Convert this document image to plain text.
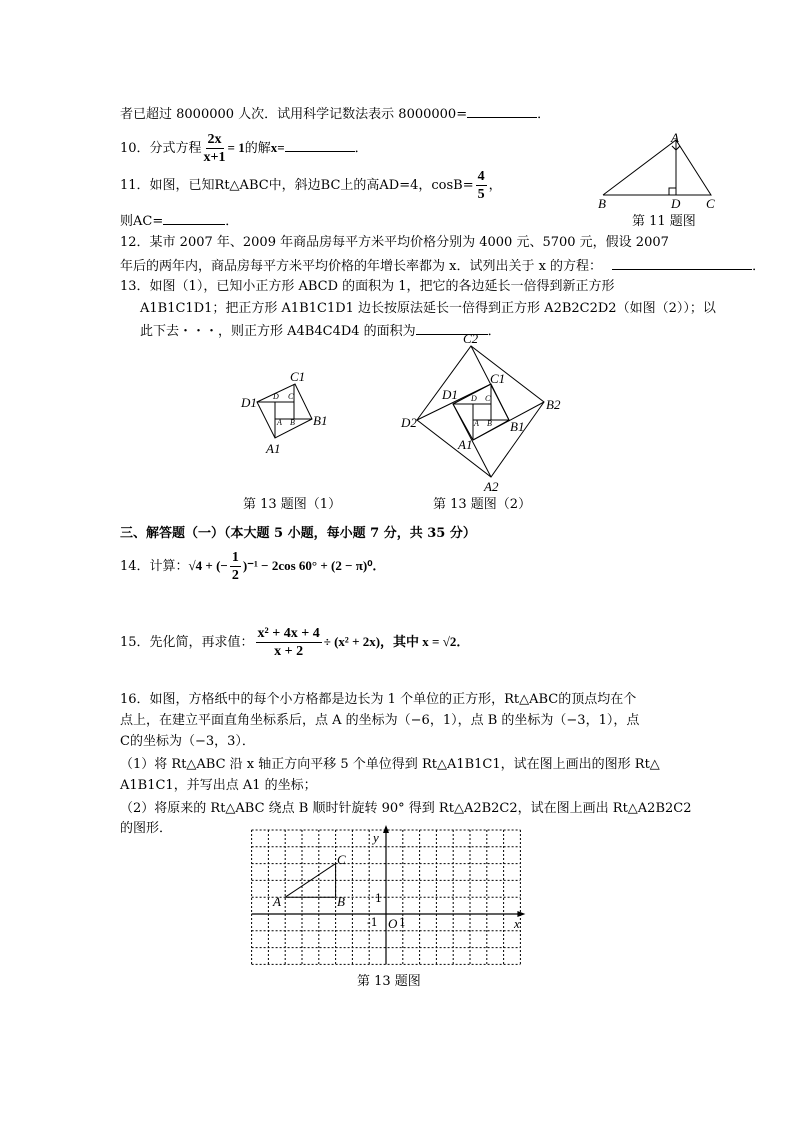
者已超过 8000000 人次．试用科学记数法表示 8000000=	．
10．分式方程 $\frac{2x}{x+1} = 1$的解x=	．
11．如图，已知Rt△ABC中，斜边BC上的高AD=4，$\cos B= \frac{4}{5}$ ，
则AC=	．
A
B	D C
第 11 题图
12．某市 2007 年、2009 年商品房每平方米平均价格分别为 4000 元、5700 元，假设 2007
年后的两年内，商品房每平方米平均价格的年增长率都为 x．试列出关于 x 的方程：	．
13．如图（1），已知小正方形 ABCD 的面积为 1，把它的各边延长一倍得到新正方形
A1B1C1D1；把正方形 A1B1C1D1 边长按原法延长一倍得到正方形 A2B2C2D2（如图（2））；以
此下去・・・，则正方形 A4B4C4D4 的面积为	．
D1
C1
B1
A1
D C
A B
第 13 题图（1）
C2
B2
D2
A2
D1
C1
B1
A1
D C
A B
第 13 题图（2）
三、解答题（一）（本大题 5 小题，每小题 7 分，共 35 分）
14．计算：√4 + (− $\frac{1}{2} )^{-1} - 2\cos$ 60° + (2 − π)⁰．
15．先化简，再求值： $\frac{\text{x² + 4x + 4}}{x + 2} \div (x^2 + 2x)$，其中 x = √2．
16．如图，方格纸中的每个小方格都是边长为 1 个单位的正方形，Rt△ABC的顶点均在个
点上，在建立平面直角坐标系后，点 A 的坐标为（−6，1），点 B 的坐标为（−3，1），点
C的坐标为（−3，3）．
（1）将 Rt△ABC 沿 x 轴正方向平移 5 个单位得到 Rt△A1B1C1，试在图上画出的图形 Rt△
A1B1C1，并写出点 A1 的坐标；
（2）将原来的 Rt△ABC 绕点 B 顺时针旋转 90° 得到 Rt△A2B2C2，试在图上画出 Rt△A2B2C2
的图形．
A	B
C
y
x
O 1
1
-1
第 13 题图
